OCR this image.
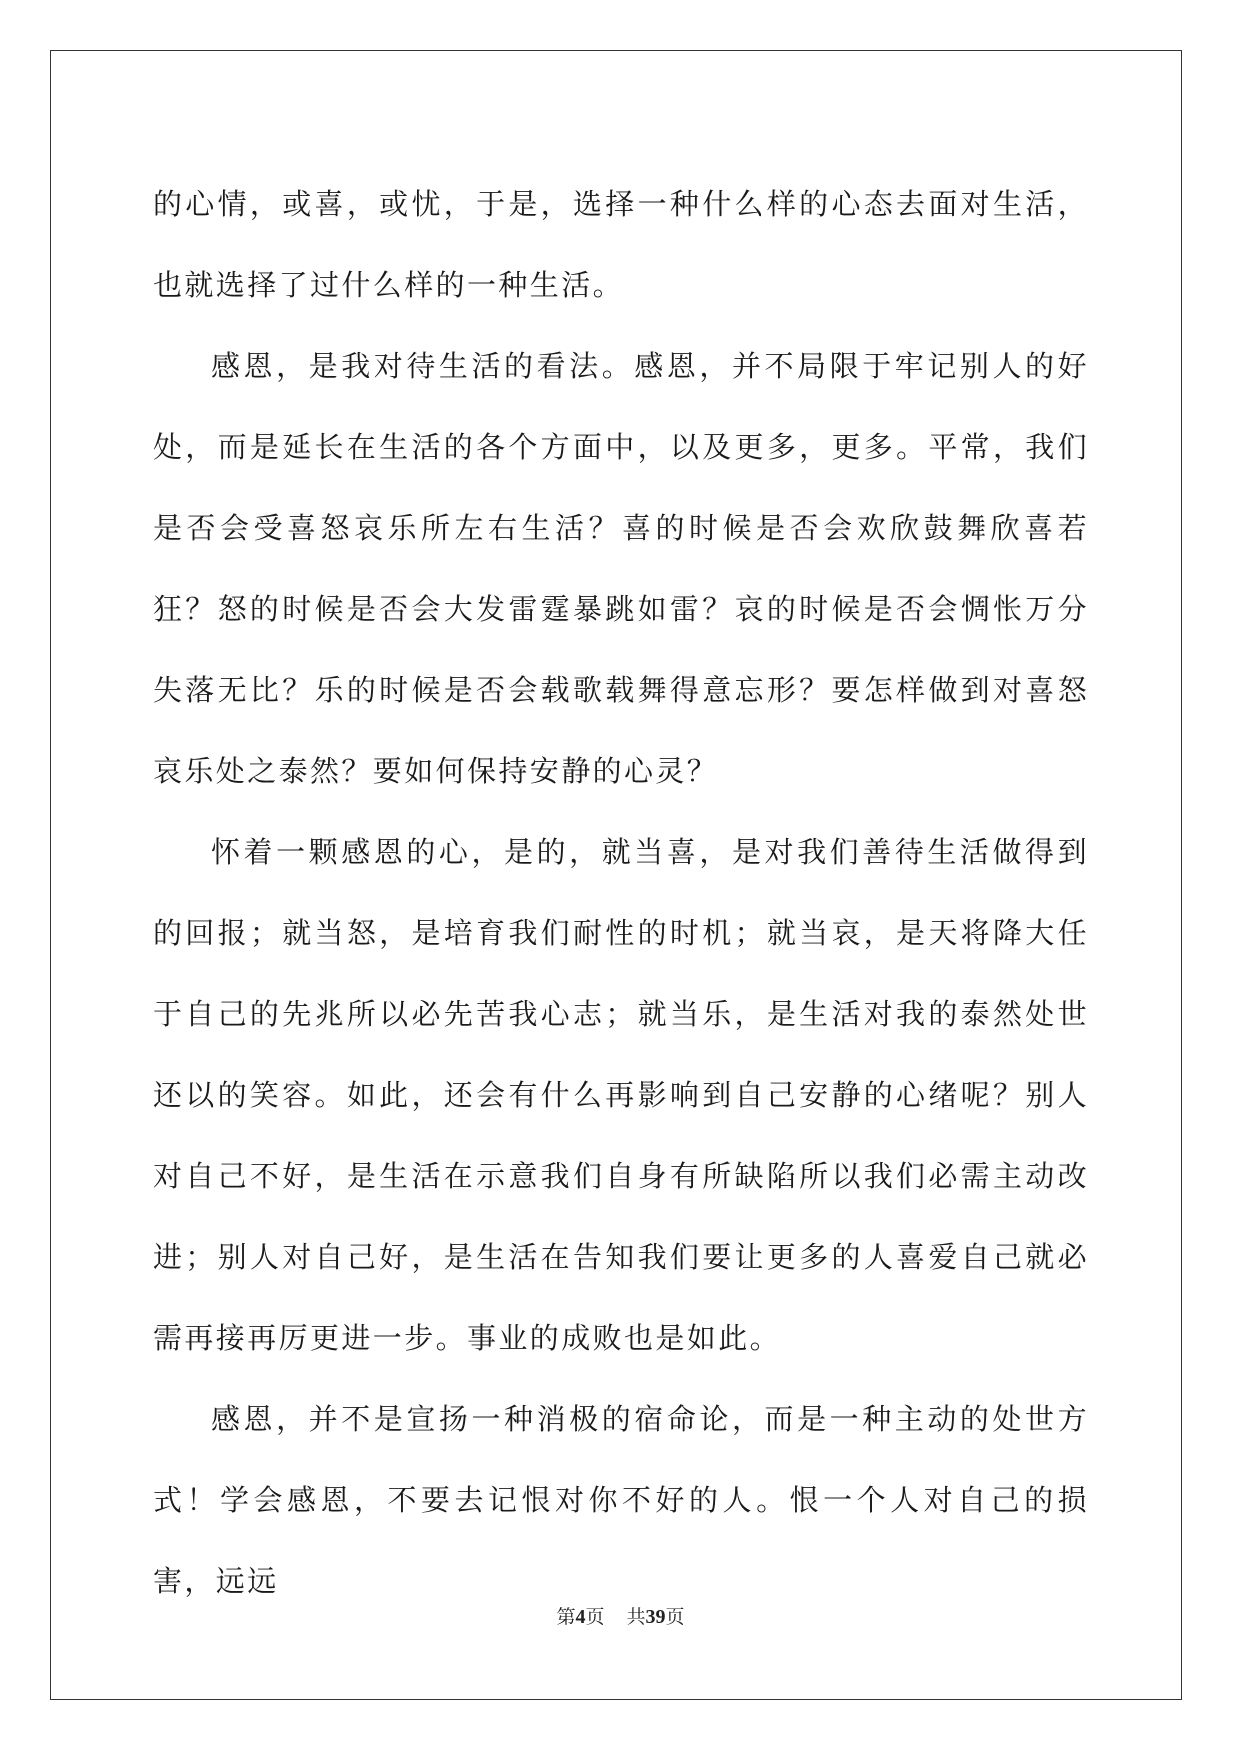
的心情，或喜，或忧，于是，选择一种什么样的心态去面对生活，也就选择了过什么样的一种生活。

感恩，是我对待生活的看法。感恩，并不局限于牢记别人的好处，而是延长在生活的各个方面中，以及更多，更多。平常，我们是否会受喜怒哀乐所左右生活？喜的时候是否会欢欣鼓舞欣喜若狂？怒的时候是否会大发雷霆暴跳如雷？哀的时候是否会惆怅万分失落无比？乐的时候是否会载歌载舞得意忘形？要怎样做到对喜怒哀乐处之泰然？要如何保持安静的心灵？

怀着一颗感恩的心，是的，就当喜，是对我们善待生活做得到的回报；就当怒，是培育我们耐性的时机；就当哀，是天将降大任于自己的先兆所以必先苦我心志；就当乐，是生活对我的泰然处世还以的笑容。如此，还会有什么再影响到自己安静的心绪呢？别人对自己不好，是生活在示意我们自身有所缺陷所以我们必需主动改进；别人对自己好，是生活在告知我们要让更多的人喜爱自己就必需再接再厉更进一步。事业的成败也是如此。

感恩，并不是宣扬一种消极的宿命论，而是一种主动的处世方式！学会感恩，不要去记恨对你不好的人。恨一个人对自己的损害，远远

第4页 共39页
